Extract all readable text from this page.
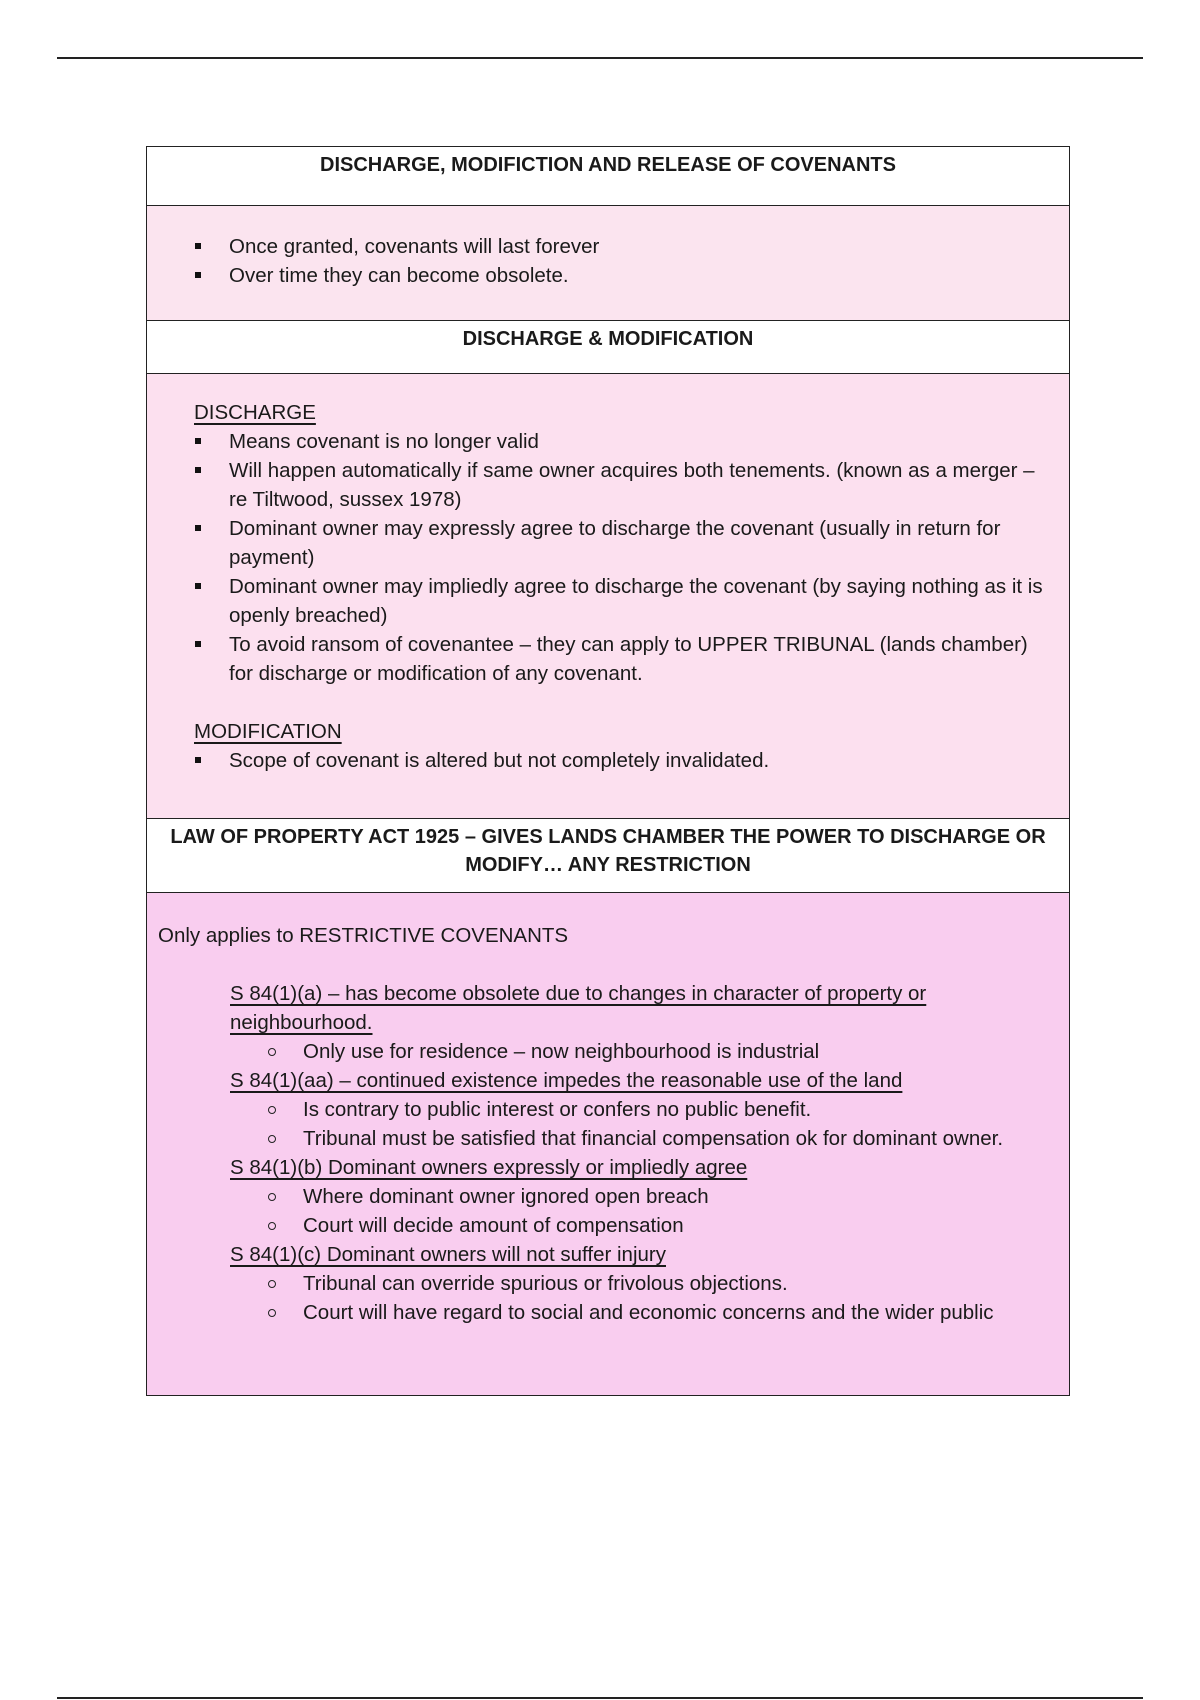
DISCHARGE, MODIFICTION AND RELEASE OF COVENANTS
Once granted, covenants will last forever
Over time they can become obsolete.
DISCHARGE & MODIFICATION
DISCHARGE
Means covenant is no longer valid
Will happen automatically if same owner acquires both tenements. (known as a merger – re Tiltwood, sussex 1978)
Dominant owner may expressly agree to discharge the covenant (usually in return for payment)
Dominant owner may impliedly agree to discharge the covenant (by saying nothing as it is openly breached)
To avoid ransom of covenantee – they can apply to UPPER TRIBUNAL (lands chamber) for discharge or modification of any covenant.
MODIFICATION
Scope of covenant is altered but not completely invalidated.
LAW OF PROPERTY ACT 1925 – GIVES LANDS CHAMBER THE POWER TO DISCHARGE OR MODIFY… ANY RESTRICTION
Only applies to RESTRICTIVE COVENANTS
S 84(1)(a) – has become obsolete due to changes in character of property or neighbourhood.
Only use for residence – now neighbourhood is industrial
S 84(1)(aa) – continued existence impedes the reasonable use of the land
Is contrary to public interest or confers no public benefit.
Tribunal must be satisfied that financial compensation ok for dominant owner.
S 84(1)(b) Dominant owners expressly or impliedly agree
Where dominant owner ignored open breach
Court will decide amount of compensation
S 84(1)(c) Dominant owners will not suffer injury
Tribunal can override spurious or frivolous objections.
Court will have regard to social and economic concerns and the wider public
